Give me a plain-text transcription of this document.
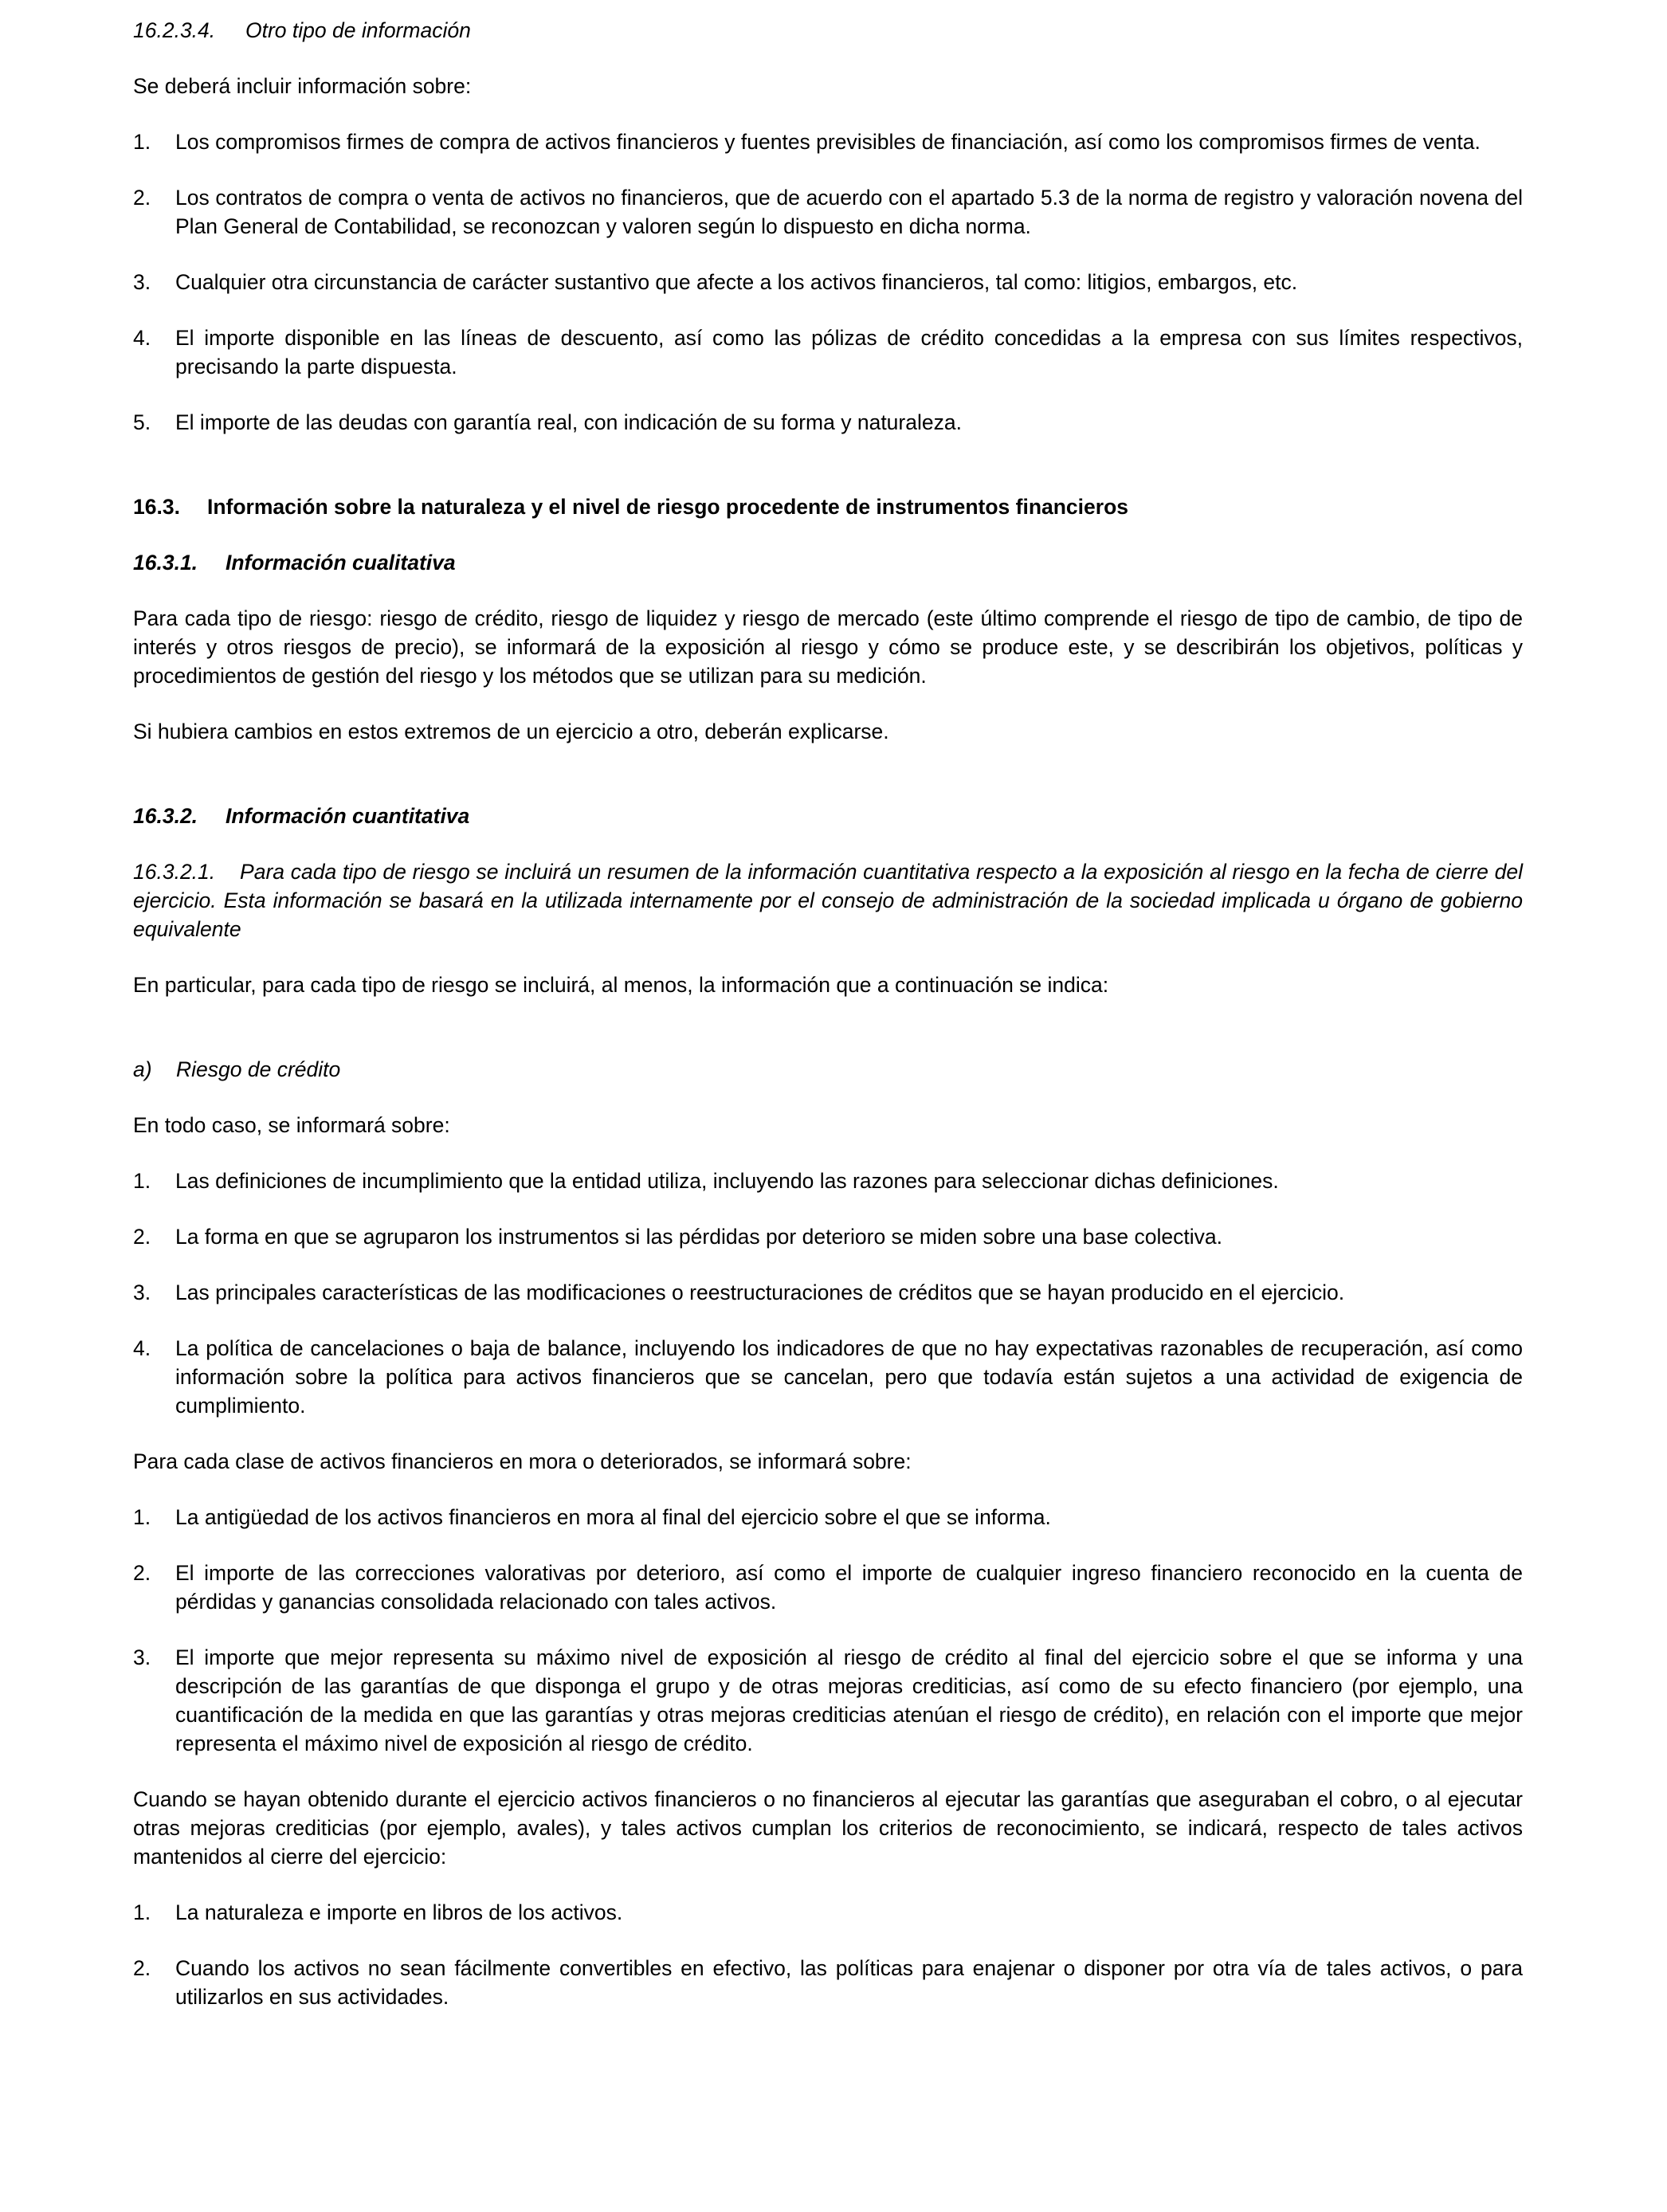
16.2.3.4.	Otro tipo de información

Se deberá incluir información sobre:

1.	Los compromisos firmes de compra de activos financieros y fuentes previsibles de financiación, así como los compromisos firmes de venta.
2.	Los contratos de compra o venta de activos no financieros, que de acuerdo con el apartado 5.3 de la norma de registro y valoración novena del Plan General de Contabilidad, se reconozcan y valoren según lo dispuesto en dicha norma.
3.	Cualquier otra circunstancia de carácter sustantivo que afecte a los activos financieros, tal como: litigios, embargos, etc.
4.	El importe disponible en las líneas de descuento, así como las pólizas de crédito concedidas a la empresa con sus límites respectivos, precisando la parte dispuesta.
5.	El importe de las deudas con garantía real, con indicación de su forma y naturaleza.

16.3.	Información sobre la naturaleza y el nivel de riesgo procedente de instrumentos financieros

16.3.1.	Información cualitativa

Para cada tipo de riesgo: riesgo de crédito, riesgo de liquidez y riesgo de mercado (este último comprende el riesgo de tipo de cambio, de tipo de interés y otros riesgos de precio), se informará de la exposición al riesgo y cómo se produce este, y se describirán los objetivos, políticas y procedimientos de gestión del riesgo y los métodos que se utilizan para su medición.

Si hubiera cambios en estos extremos de un ejercicio a otro, deberán explicarse.

16.3.2.	Información cuantitativa

16.3.2.1. Para cada tipo de riesgo se incluirá un resumen de la información cuantitativa respecto a la exposición al riesgo en la fecha de cierre del ejercicio. Esta información se basará en la utilizada internamente por el consejo de administración de la sociedad implicada u órgano de gobierno equivalente

En particular, para cada tipo de riesgo se incluirá, al menos, la información que a continuación se indica:

a)	Riesgo de crédito

En todo caso, se informará sobre:

1.	Las definiciones de incumplimiento que la entidad utiliza, incluyendo las razones para seleccionar dichas definiciones.
2.	La forma en que se agruparon los instrumentos si las pérdidas por deterioro se miden sobre una base colectiva.
3.	Las principales características de las modificaciones o reestructuraciones de créditos que se hayan producido en el ejercicio.
4.	La política de cancelaciones o baja de balance, incluyendo los indicadores de que no hay expectativas razonables de recuperación, así como información sobre la política para activos financieros que se cancelan, pero que todavía están sujetos a una actividad de exigencia de cumplimiento.

Para cada clase de activos financieros en mora o deteriorados, se informará sobre:

1.	La antigüedad de los activos financieros en mora al final del ejercicio sobre el que se informa.
2.	El importe de las correcciones valorativas por deterioro, así como el importe de cualquier ingreso financiero reconocido en la cuenta de pérdidas y ganancias consolidada relacionado con tales activos.
3.	El importe que mejor representa su máximo nivel de exposición al riesgo de crédito al final del ejercicio sobre el que se informa y una descripción de las garantías de que disponga el grupo y de otras mejoras crediticias, así como de su efecto financiero (por ejemplo, una cuantificación de la medida en que las garantías y otras mejoras crediticias atenúan el riesgo de crédito), en relación con el importe que mejor representa el máximo nivel de exposición al riesgo de crédito.

Cuando se hayan obtenido durante el ejercicio activos financieros o no financieros al ejecutar las garantías que aseguraban el cobro, o al ejecutar otras mejoras crediticias (por ejemplo, avales), y tales activos cumplan los criterios de reconocimiento, se indicará, respecto de tales activos mantenidos al cierre del ejercicio:

1.	La naturaleza e importe en libros de los activos.
2.	Cuando los activos no sean fácilmente convertibles en efectivo, las políticas para enajenar o disponer por otra vía de tales activos, o para utilizarlos en sus actividades.
